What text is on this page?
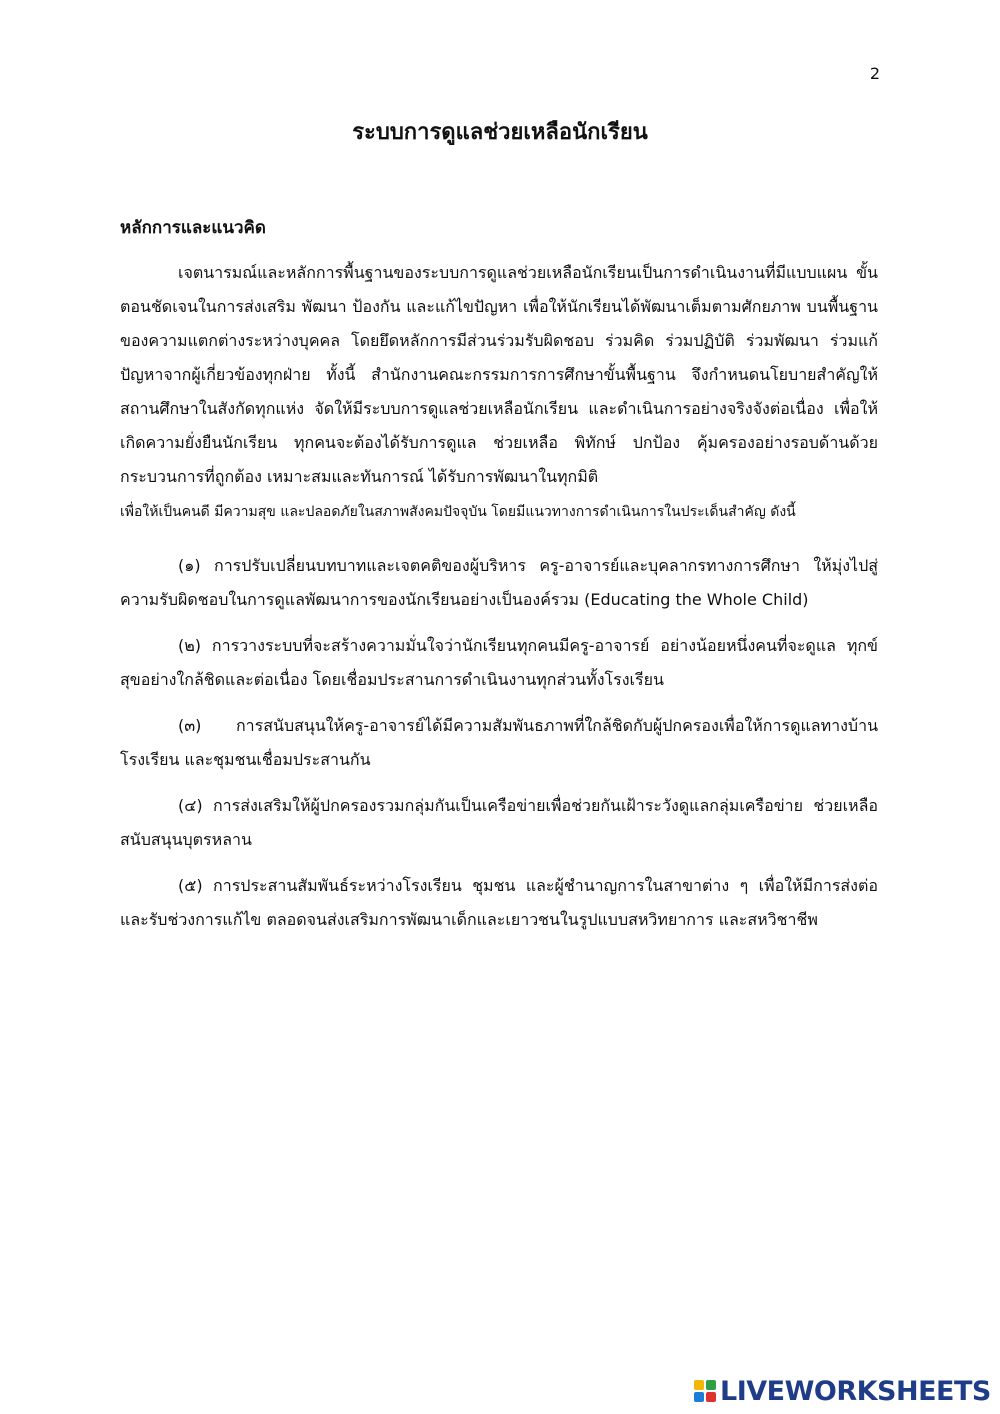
2
ระบบการดูแลช่วยเหลือนักเรียน
หลักการและแนวคิด

เจตนารมณ์และหลักการพื้นฐานของระบบการดูแลช่วยเหลือนักเรียนเป็นการดำเนินงานที่มีแบบแผน ขั้นตอนชัดเจนในการส่งเสริม พัฒนา ป้องกัน และแก้ไขปัญหา เพื่อให้นักเรียนได้พัฒนาเต็มตามศักยภาพ บนพื้นฐานของความแตกต่างระหว่างบุคคล โดยยึดหลักการมีส่วนร่วมรับผิดชอบ ร่วมคิด ร่วมปฏิบัติ ร่วมพัฒนา ร่วมแก้ปัญหาจากผู้เกี่ยวข้องทุกฝ่าย ทั้งนี้ สำนักงานคณะกรรมการการศึกษาขั้นพื้นฐาน จึงกำหนดนโยบายสำคัญให้สถานศึกษาในสังกัดทุกแห่ง จัดให้มีระบบการดูแลช่วยเหลือนักเรียน และดำเนินการอย่างจริงจังต่อเนื่อง เพื่อให้เกิดความยั่งยืนนักเรียน ทุกคนจะต้องได้รับการดูแล ช่วยเหลือ พิทักษ์ ปกป้อง คุ้มครองอย่างรอบด้านด้วยกระบวนการที่ถูกต้อง เหมาะสมและทันการณ์ ได้รับการพัฒนาในทุกมิติ
เพื่อให้เป็นคนดี มีความสุข และปลอดภัยในสภาพสังคมปัจจุบัน โดยมีแนวทางการดำเนินการในประเด็นสำคัญ ดังนี้

(๑) การปรับเปลี่ยนบทบาทและเจตคติของผู้บริหาร ครู-อาจารย์และบุคลากรทางการศึกษา ให้มุ่งไปสู่ความรับผิดชอบในการดูแลพัฒนาการของนักเรียนอย่างเป็นองค์รวม (Educating the Whole Child)

(๒) การวางระบบที่จะสร้างความมั่นใจว่านักเรียนทุกคนมีครู-อาจารย์ อย่างน้อยหนึ่งคนที่จะดูแล ทุกข์สุขอย่างใกล้ชิดและต่อเนื่อง โดยเชื่อมประสานการดำเนินงานทุกส่วนทั้งโรงเรียน

(๓) การสนับสนุนให้ครู-อาจารย์ได้มีความสัมพันธภาพที่ใกล้ชิดกับผู้ปกครองเพื่อให้การดูแลทางบ้าน โรงเรียน และชุมชนเชื่อมประสานกัน

(๔) การส่งเสริมให้ผู้ปกครองรวมกลุ่มกันเป็นเครือข่ายเพื่อช่วยกันเฝ้าระวังดูแลกลุ่มเครือข่าย ช่วยเหลือสนับสนุนบุตรหลาน

(๕) การประสานสัมพันธ์ระหว่างโรงเรียน ชุมชน และผู้ชำนาญการในสาขาต่าง ๆ เพื่อให้มีการส่งต่อ และรับช่วงการแก้ไข ตลอดจนส่งเสริมการพัฒนาเด็กและเยาวชนในรูปแบบสหวิทยาการ และสหวิชาชีพ

LIVEWORKSHEETS
